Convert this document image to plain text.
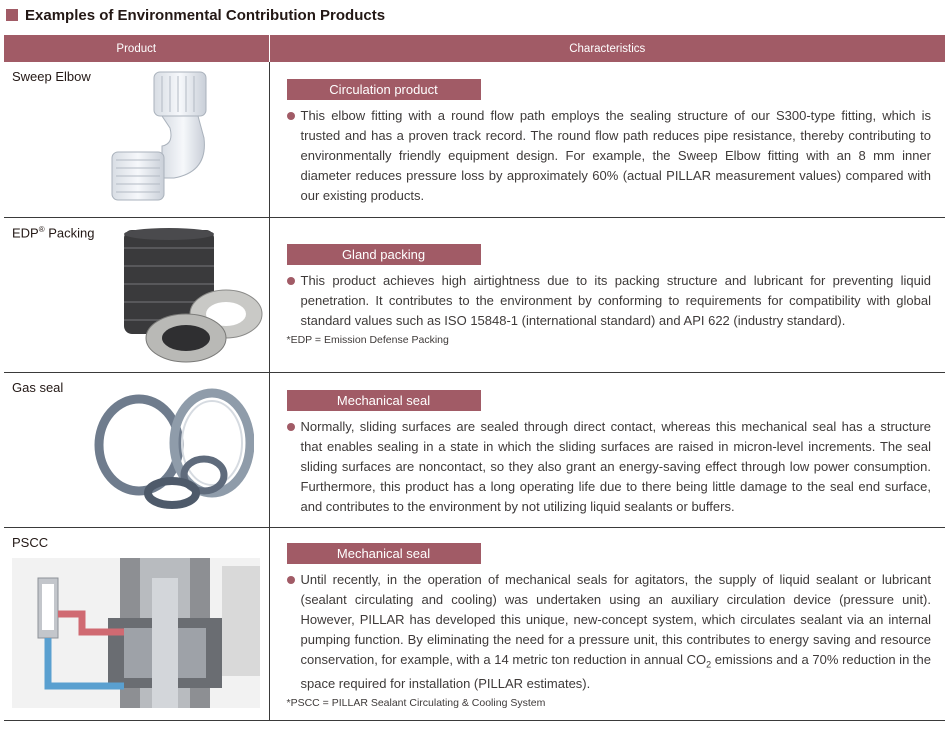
Examples of Environmental Contribution Products
Product	Characteristics

Sweep Elbow	Circulation product
This elbow fitting with a round flow path employs the sealing structure of our S300-type fitting, which is trusted and has a proven track record. The round flow path reduces pipe resistance, thereby contributing to environmentally friendly equipment design. For example, the Sweep Elbow fitting with an 8 mm inner diameter reduces pressure loss by approximately 60% (actual PILLAR measurement values) compared with our existing products.

EDP® Packing	Gland packing
This product achieves high airtightness due to its packing structure and lubricant for preventing liquid penetration. It contributes to the environment by conforming to requirements for compatibility with global standard values such as ISO 15848-1 (international standard) and API 622 (industry standard).
*EDP = Emission Defense Packing

Gas seal	Mechanical seal
Normally, sliding surfaces are sealed through direct contact, whereas this mechanical seal has a structure that enables sealing in a state in which the sliding surfaces are raised in micron-level increments. The seal sliding surfaces are noncontact, so they also grant an energy-saving effect through low power consumption. Furthermore, this product has a long operating life due to there being little damage to the seal end surface, and contributes to the environment by not utilizing liquid sealants or buffers.

PSCC	Mechanical seal
Until recently, in the operation of mechanical seals for agitators, the supply of liquid sealant or lubricant (sealant circulating and cooling) was undertaken using an auxiliary circulation device (pressure unit). However, PILLAR has developed this unique, new-concept system, which circulates sealant via an internal pumping function. By eliminating the need for a pressure unit, this contributes to energy saving and resource conservation, for example, with a 14 metric ton reduction in annual $CO_2$ emissions and a 70% reduction in the space required for installation (PILLAR estimates).
*PSCC = PILLAR Sealant Circulating & Cooling System
